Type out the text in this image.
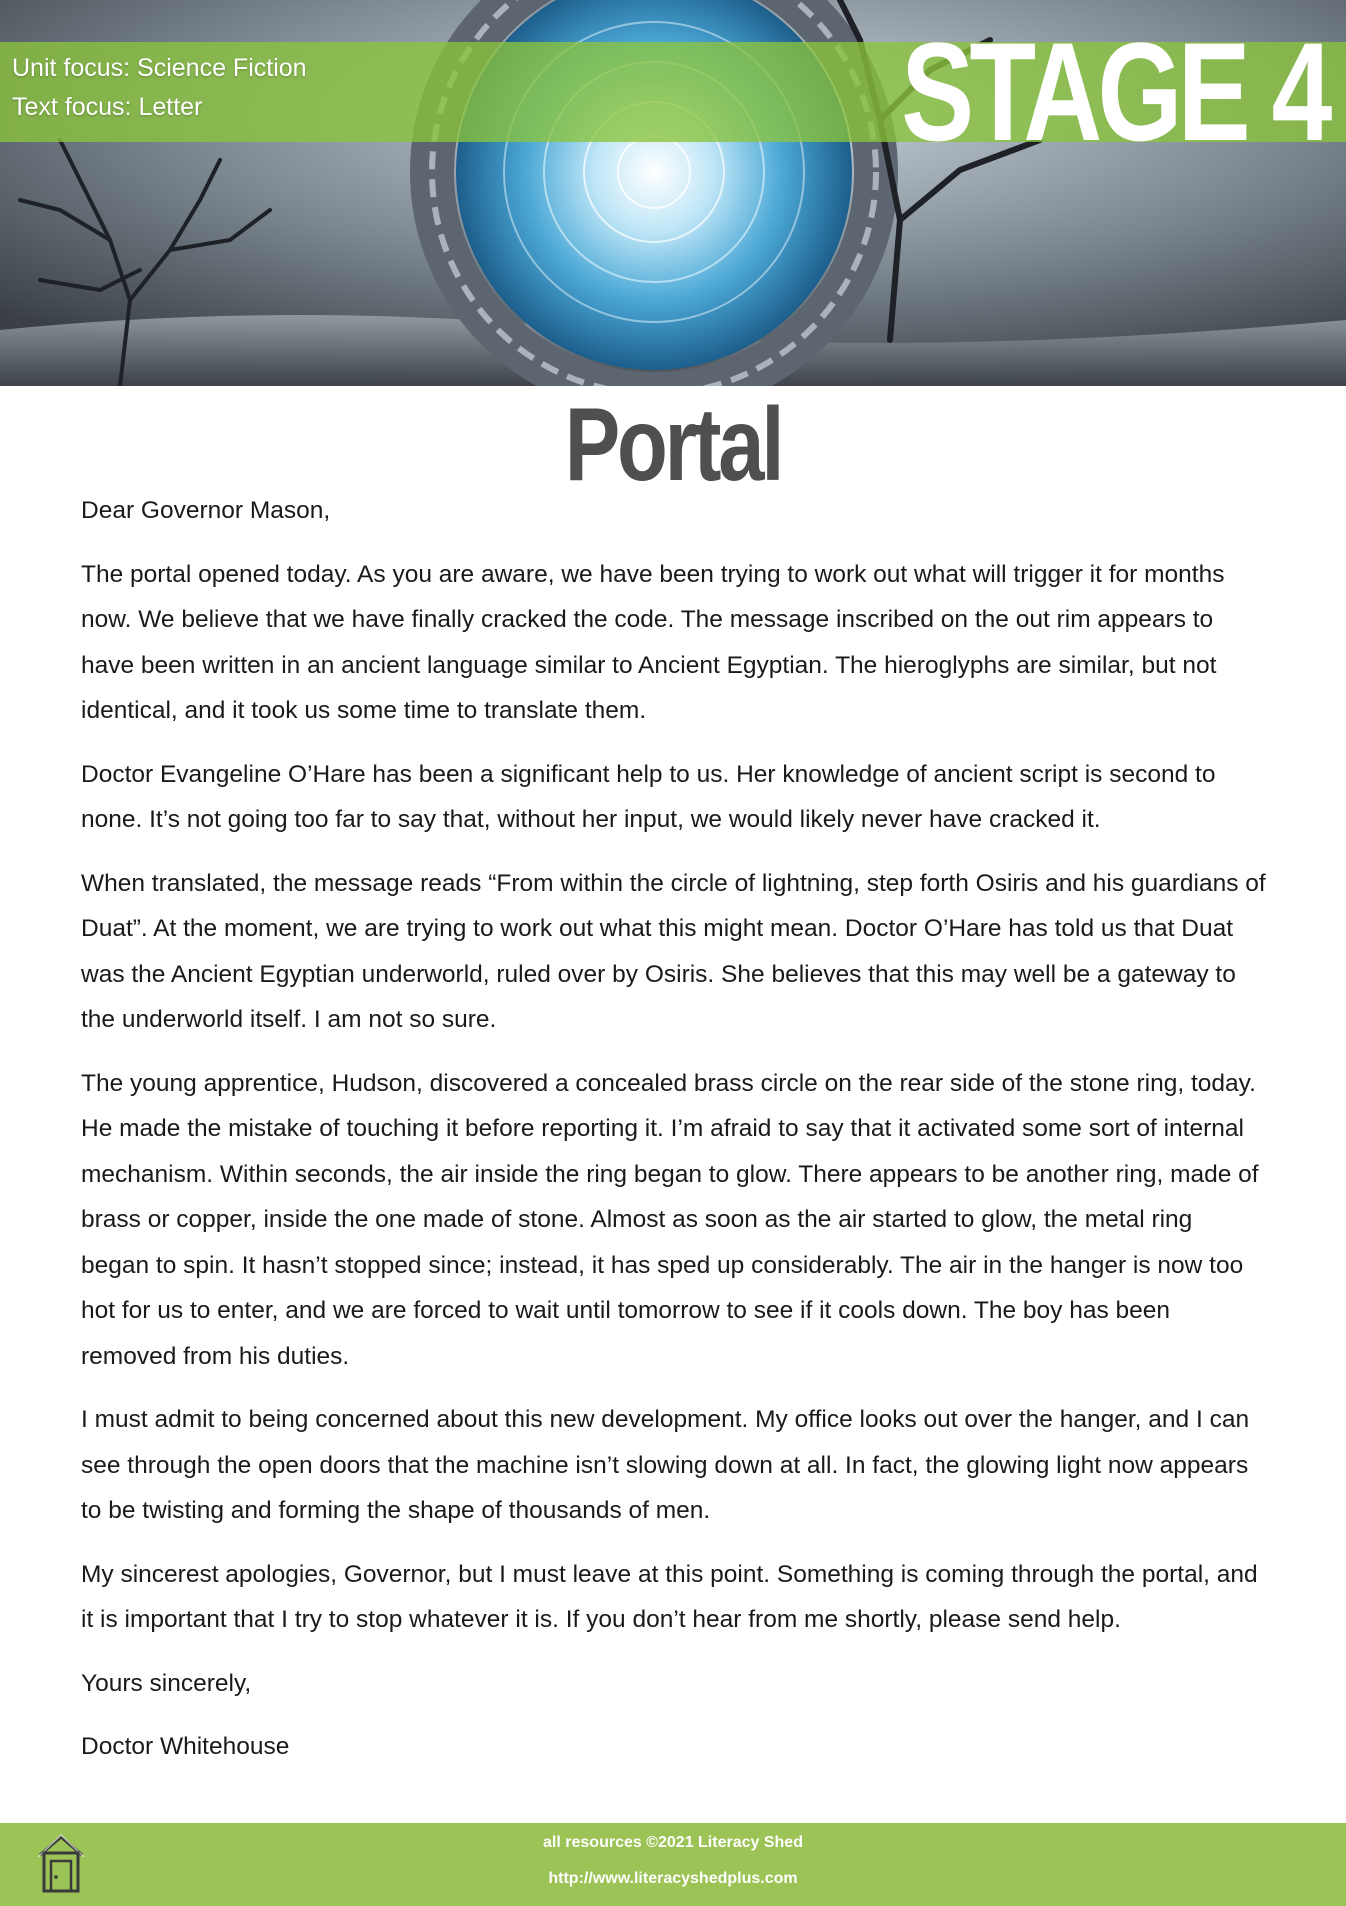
Unit focus: Science Fiction
Text focus: Letter	STAGE 4
Portal

Dear Governor Mason,

The portal opened today. As you are aware, we have been trying to work out what will trigger it for months now. We believe that we have finally cracked the code. The message inscribed on the out rim appears to have been written in an ancient language similar to Ancient Egyptian. The hieroglyphs are similar, but not identical, and it took us some time to translate them.

Doctor Evangeline O’Hare has been a significant help to us. Her knowledge of ancient script is second to none. It’s not going too far to say that, without her input, we would likely never have cracked it.

When translated, the message reads “From within the circle of lightning, step forth Osiris and his guardians of Duat”. At the moment, we are trying to work out what this might mean. Doctor O’Hare has told us that Duat was the Ancient Egyptian underworld, ruled over by Osiris. She believes that this may well be a gateway to the underworld itself. I am not so sure.

The young apprentice, Hudson, discovered a concealed brass circle on the rear side of the stone ring, today. He made the mistake of touching it before reporting it. I’m afraid to say that it activated some sort of internal mechanism. Within seconds, the air inside the ring began to glow. There appears to be another ring, made of brass or copper, inside the one made of stone. Almost as soon as the air started to glow, the metal ring began to spin. It hasn’t stopped since; instead, it has sped up considerably. The air in the hanger is now too hot for us to enter, and we are forced to wait until tomorrow to see if it cools down. The boy has been removed from his duties.

I must admit to being concerned about this new development. My office looks out over the hanger, and I can see through the open doors that the machine isn’t slowing down at all. In fact, the glowing light now appears to be twisting and forming the shape of thousands of men.

My sincerest apologies, Governor, but I must leave at this point. Something is coming through the portal, and it is important that I try to stop whatever it is. If you don’t hear from me shortly, please send help.

Yours sincerely,

Doctor Whitehouse

all resources ©2021 Literacy Shed
http://www.literacyshedplus.com
